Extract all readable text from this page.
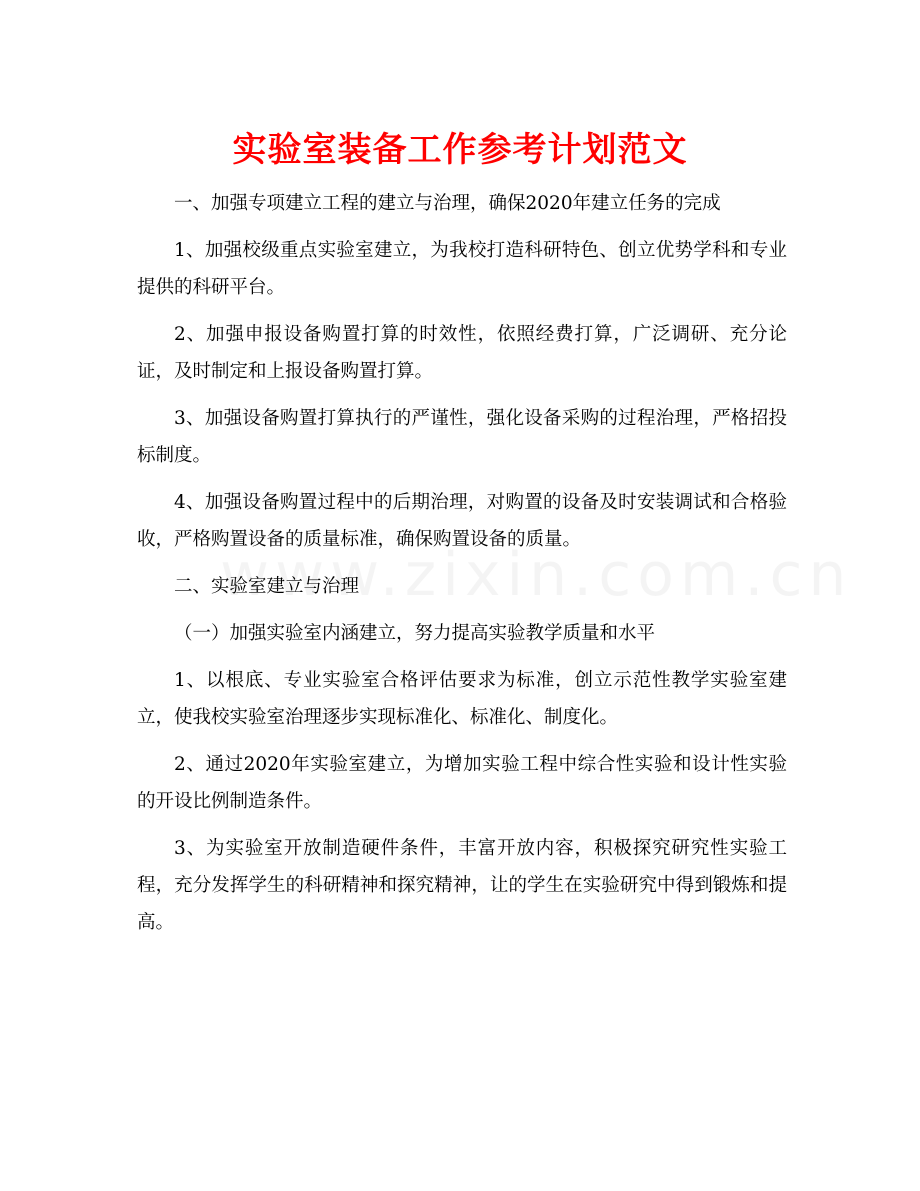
实验室装备工作参考计划范文

一、加强专项建立工程的建立与治理，确保2020年建立任务的完成

1、加强校级重点实验室建立，为我校打造科研特色、创立优势学科和专业提供的科研平台。

2、加强申报设备购置打算的时效性，依照经费打算，广泛调研、充分论证，及时制定和上报设备购置打算。

3、加强设备购置打算执行的严谨性，强化设备采购的过程治理，严格招投标制度。

4、加强设备购置过程中的后期治理，对购置的设备及时安装调试和合格验收，严格购置设备的质量标准，确保购置设备的质量。

二、实验室建立与治理

（一）加强实验室内涵建立，努力提高实验教学质量和水平

1、以根底、专业实验室合格评估要求为标准，创立示范性教学实验室建立，使我校实验室治理逐步实现标准化、标准化、制度化。

2、通过2020年实验室建立，为增加实验工程中综合性实验和设计性实验的开设比例制造条件。

3、为实验室开放制造硬件条件，丰富开放内容，积极探究研究性实验工程，充分发挥学生的科研精神和探究精神，让的学生在实验研究中得到锻炼和提高。
